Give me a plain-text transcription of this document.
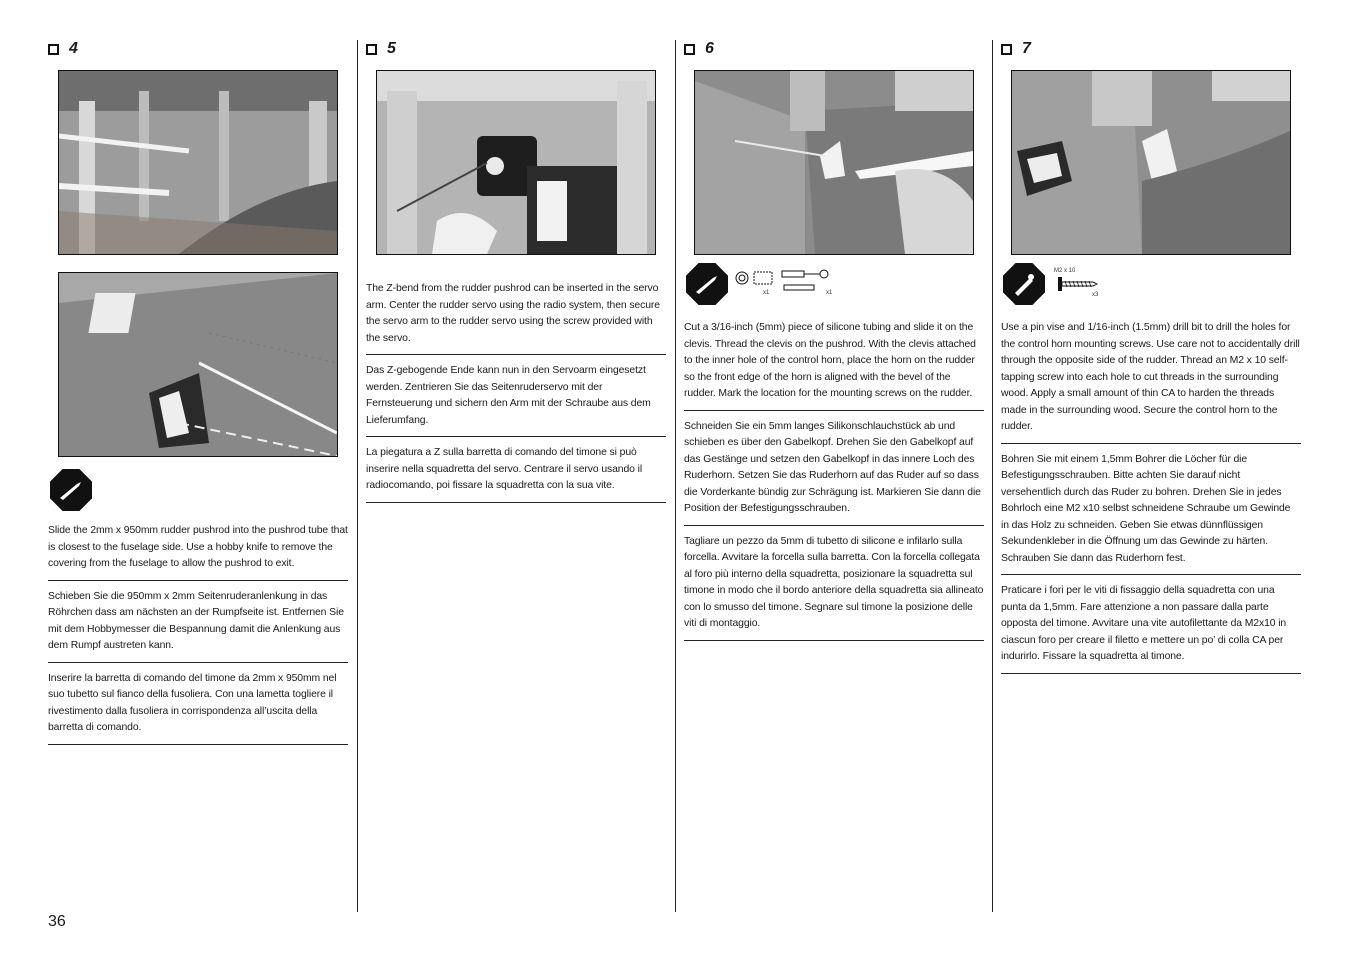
4

Slide the 2mm x 950mm rudder pushrod into the pushrod tube that is closest to the fuselage side. Use a hobby knife to remove the covering from the fuselage to allow the pushrod to exit.

Schieben Sie die 950mm x 2mm Seitenruderanlenkung in das Röhrchen dass am nächsten an der Rumpfseite ist. Entfernen Sie mit dem Hobbymesser die Bespannung damit die Anlenkung aus dem Rumpf austreten kann.

Inserire la barretta di comando del timone da 2mm x 950mm nel suo tubetto sul fianco della fusoliera. Con una lametta togliere il rivestimento dalla fusoliera in corrispondenza all’uscita della barretta di comando.

5

The Z-bend from the rudder pushrod can be inserted in the servo arm. Center the rudder servo using the radio system, then secure the servo arm to the rudder servo using the screw provided with the servo.

Das Z-gebogende Ende kann nun in den Servoarm eingesetzt werden. Zentrieren Sie das Seitenruderservo mit der Fernsteuerung und sichern den Arm mit der Schraube aus dem Lieferumfang.

La piegatura a Z sulla barretta di comando del timone si può inserire nella squadretta del servo. Centrare il servo usando il radiocomando, poi fissare la squadretta con la sua vite.

6
x1	x1

Cut a 3/16-inch (5mm) piece of silicone tubing and slide it on the clevis. Thread the clevis on the pushrod. With the clevis attached to the inner hole of the control horn, place the horn on the rudder so the front edge of the horn is aligned with the bevel of the rudder. Mark the location for the mounting screws on the rudder.

Schneiden Sie ein 5mm langes Silikonschlauchstück ab und schieben es über den Gabelkopf. Drehen Sie den Gabelkopf auf das Gestänge und setzen den Gabelkopf in das innere Loch des Ruderhorn. Setzen Sie das Ruderhorn auf das Ruder auf so dass die Vorderkante bündig zur Schrägung ist. Markieren Sie dann die Position der Befestigungsschrauben.

Tagliare un pezzo da 5mm di tubetto di silicone e infilarlo sulla forcella. Avvitare la forcella sulla barretta. Con la forcella collegata al foro più interno della squadretta, posizionare la squadretta sul timone in modo che il bordo anteriore della squadretta sia allineato con lo smusso del timone. Segnare sul timone la posizione delle viti di montaggio.

7
M2 x 10
x3

Use a pin vise and 1/16-inch (1.5mm) drill bit to drill the holes for the control horn mounting screws. Use care not to accidentally drill through the opposite side of the rudder. Thread an M2 x 10 self-tapping screw into each hole to cut threads in the surrounding wood. Apply a small amount of thin CA to harden the threads made in the surrounding wood. Secure the control horn to the rudder.

Bohren Sie mit einem 1,5mm Bohrer die Löcher für die Befestigungsschrauben. Bitte achten Sie darauf nicht versehentlich durch das Ruder zu bohren. Drehen Sie in jedes Bohrloch eine M2 x10 selbst schneidene Schraube um Gewinde in das Holz zu schneiden. Geben Sie etwas dünnflüssigen Sekundenkleber in die Öffnung um das Gewinde zu härten. Schrauben Sie dann das Ruderhorn fest.

Praticare i fori per le viti di fissaggio della squadretta con una punta da 1,5mm. Fare attenzione a non passare dalla parte opposta del timone. Avvitare una vite autofilettante da M2x10 in ciascun foro per creare il filetto e mettere un po’ di colla CA per indurirlo. Fissare la squadretta al timone.

36
